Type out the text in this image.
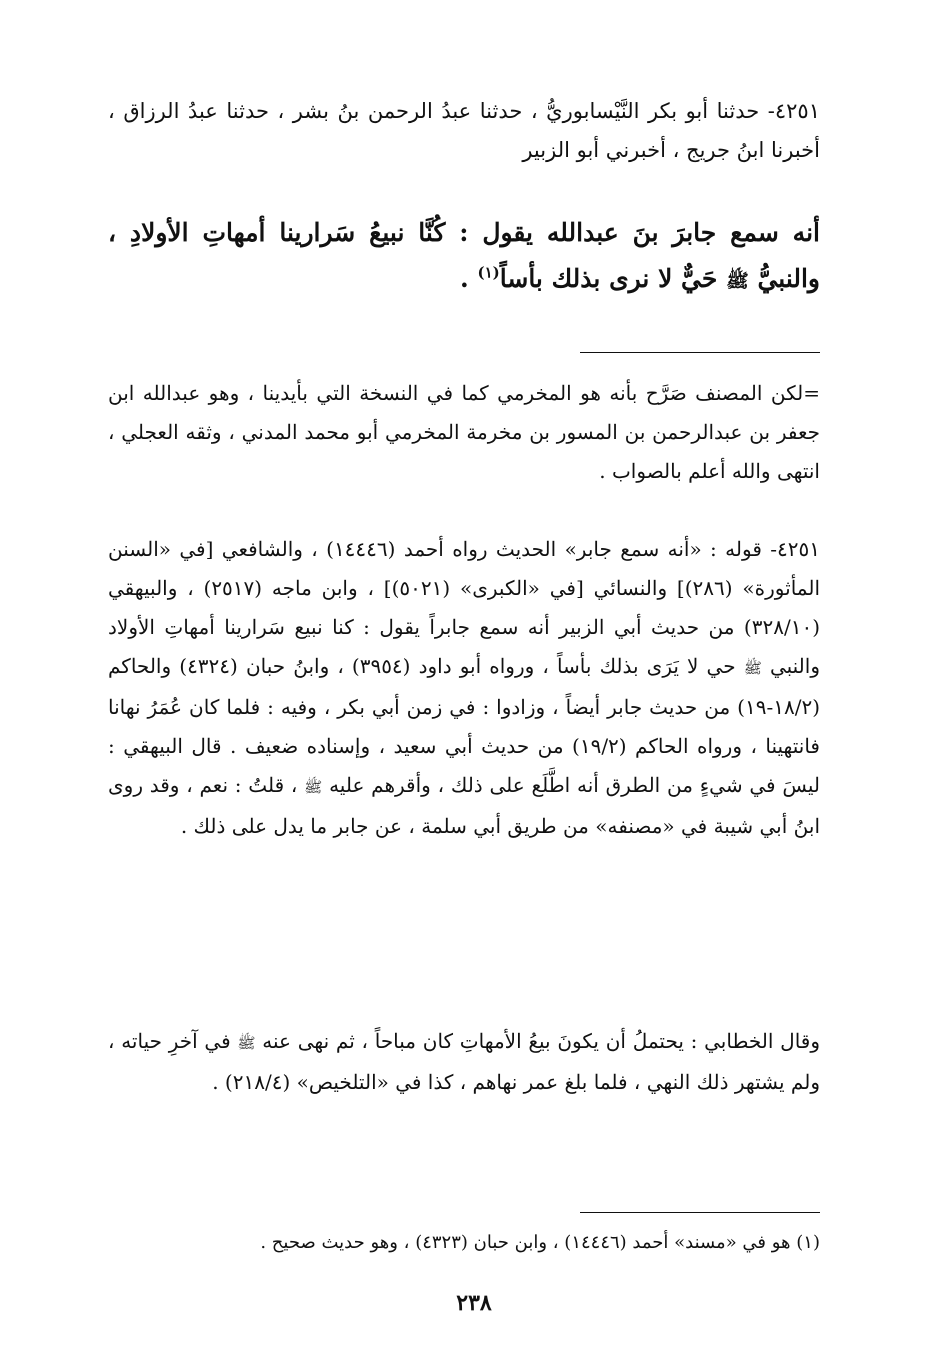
٤٢٥١- حدثنا أبو بكر النَّيْسابوريُّ ، حدثنا عبدُ الرحمن بنُ بشر ، حدثنا عبدُ الرزاق ، أخبرنا ابنُ جريج ، أخبرني أبو الزبير

أنه سمع جابرَ بنَ عبدالله يقول : كُنَّا نبيعُ سَرارينا أمهاتِ الأولادِ ، والنبيُّ ﷺ حَيٌّ لا نرى بذلك بأساً$^{(١)}$ .

=لكن المصنف صَرَّح بأنه هو المخرمي كما في النسخة التي بأيدينا ، وهو عبدالله ابن جعفر بن عبدالرحمن بن المسور بن مخرمة المخرمي أبو محمد المدني ، وثقه العجلي ، انتهى والله أعلم بالصواب .

٤٢٥١- قوله : «أنه سمع جابر» الحديث رواه أحمد (١٤٤٤٦) ، والشافعي [في «السنن المأثورة» (٢٨٦)] والنسائي [في «الكبرى» (٥٠٢١)] ، وابن ماجه (٢٥١٧) ، والبيهقي (٣٢٨/١٠) من حديث أبي الزبير أنه سمع جابراً يقول : كنا نبيع سَرارينا أمهاتِ الأولاد والنبي ﷺ حي لا يَرَى بذلك بأساً ، ورواه أبو داود (٣٩٥٤) ، وابنُ حبان (٤٣٢٤) والحاكم (١٨/٢-١٩) من حديث جابر أيضاً ، وزادوا : في زمن أبي بكر ، وفيه : فلما كان عُمَرُ نهانا فانتهينا ، ورواه الحاكم (١٩/٢) من حديث أبي سعيد ، وإسناده ضعيف . قال البيهقي : ليسَ في شيءٍ من الطرق أنه اطَّلَع على ذلك ، وأقرهم عليه ﷺ ، قلتُ : نعم ، وقد روى ابنُ أبي شيبة في «مصنفه» من طريق أبي سلمة ، عن جابر ما يدل على ذلك .

وقال الخطابي : يحتملُ أن يكونَ بيعُ الأمهاتِ كان مباحاً ، ثم نهى عنه ﷺ في آخرِ حياته ، ولم يشتهر ذلك النهي ، فلما بلغ عمر نهاهم ، كذا في «التلخيص» (٢١٨/٤) .

(١) هو في «مسند» أحمد (١٤٤٤٦) ، وابن حبان (٤٣٢٣) ، وهو حديث صحيح .

٢٣٨
